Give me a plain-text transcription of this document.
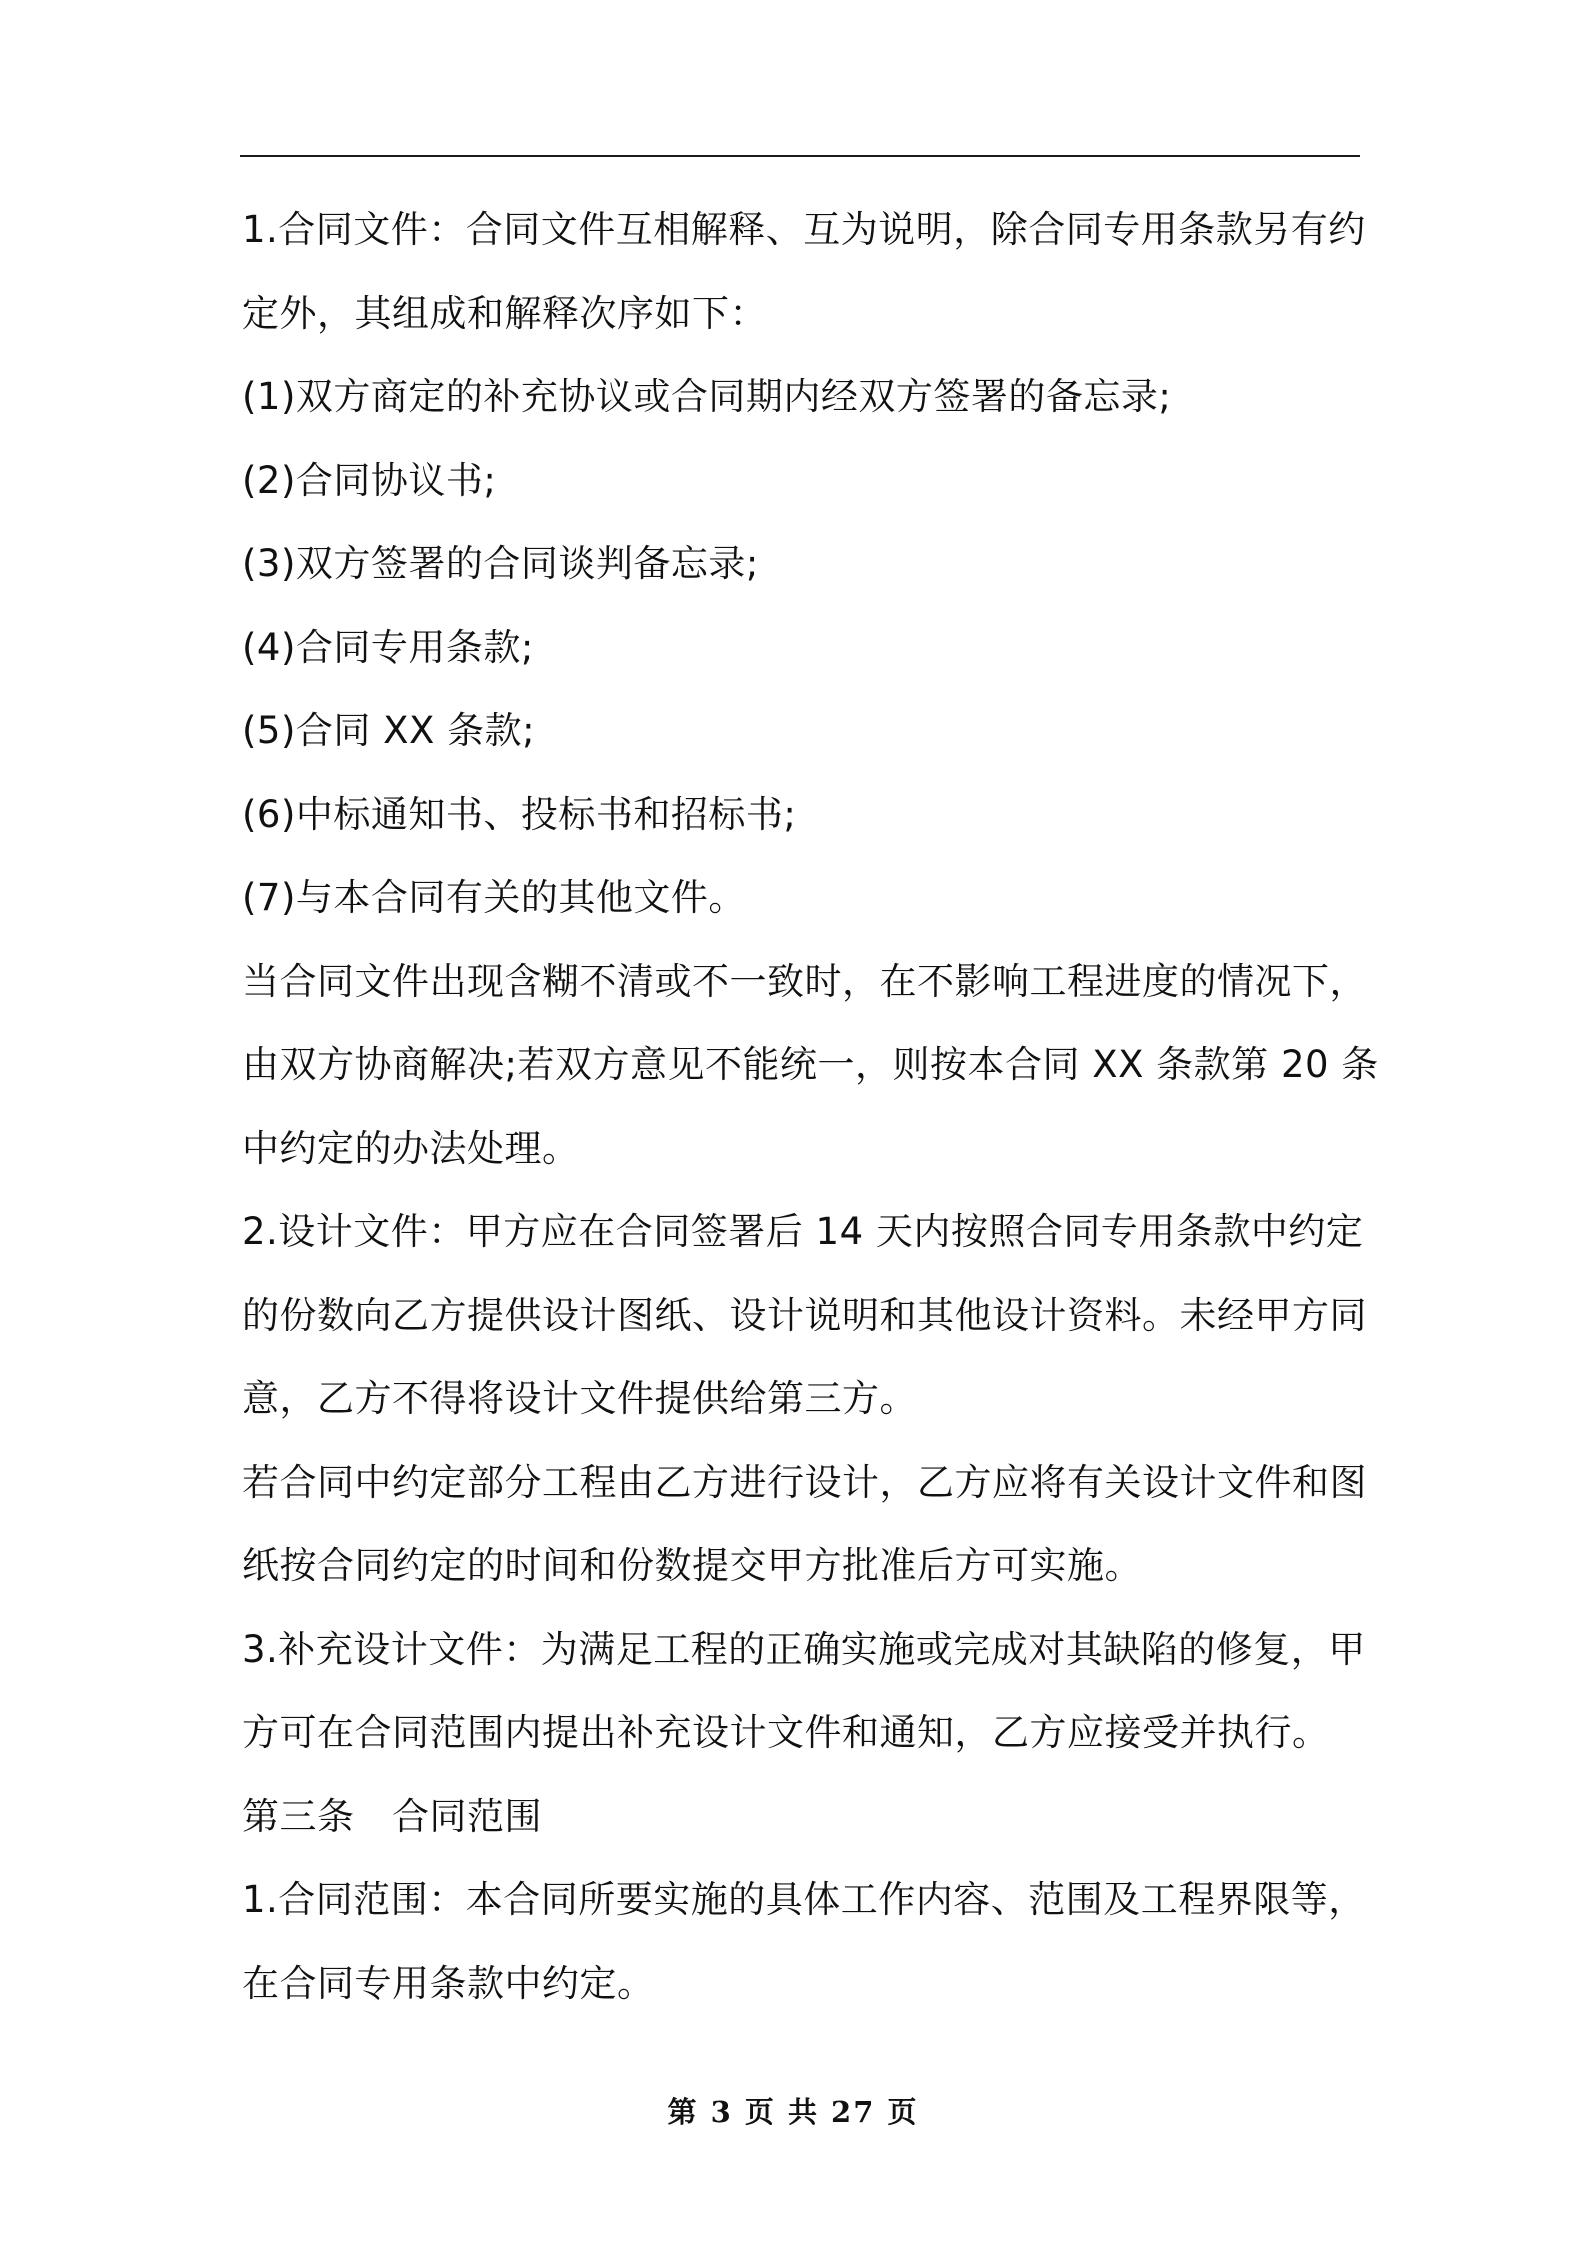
1.合同文件：合同文件互相解释、互为说明，除合同专用条款另有约
定外，其组成和解释次序如下：
(1)双方商定的补充协议或合同期内经双方签署的备忘录;
(2)合同协议书;
(3)双方签署的合同谈判备忘录;
(4)合同专用条款;
(5)合同 XX 条款;
(6)中标通知书、投标书和招标书;
(7)与本合同有关的其他文件。
当合同文件出现含糊不清或不一致时，在不影响工程进度的情况下，
由双方协商解决;若双方意见不能统一，则按本合同 XX 条款第 20 条
中约定的办法处理。
2.设计文件：甲方应在合同签署后 14 天内按照合同专用条款中约定
的份数向乙方提供设计图纸、设计说明和其他设计资料。未经甲方同
意，乙方不得将设计文件提供给第三方。
若合同中约定部分工程由乙方进行设计，乙方应将有关设计文件和图
纸按合同约定的时间和份数提交甲方批准后方可实施。
3.补充设计文件：为满足工程的正确实施或完成对其缺陷的修复，甲
方可在合同范围内提出补充设计文件和通知，乙方应接受并执行。
第三条　合同范围
1.合同范围：本合同所要实施的具体工作内容、范围及工程界限等，
在合同专用条款中约定。
第 3 页 共 27 页
